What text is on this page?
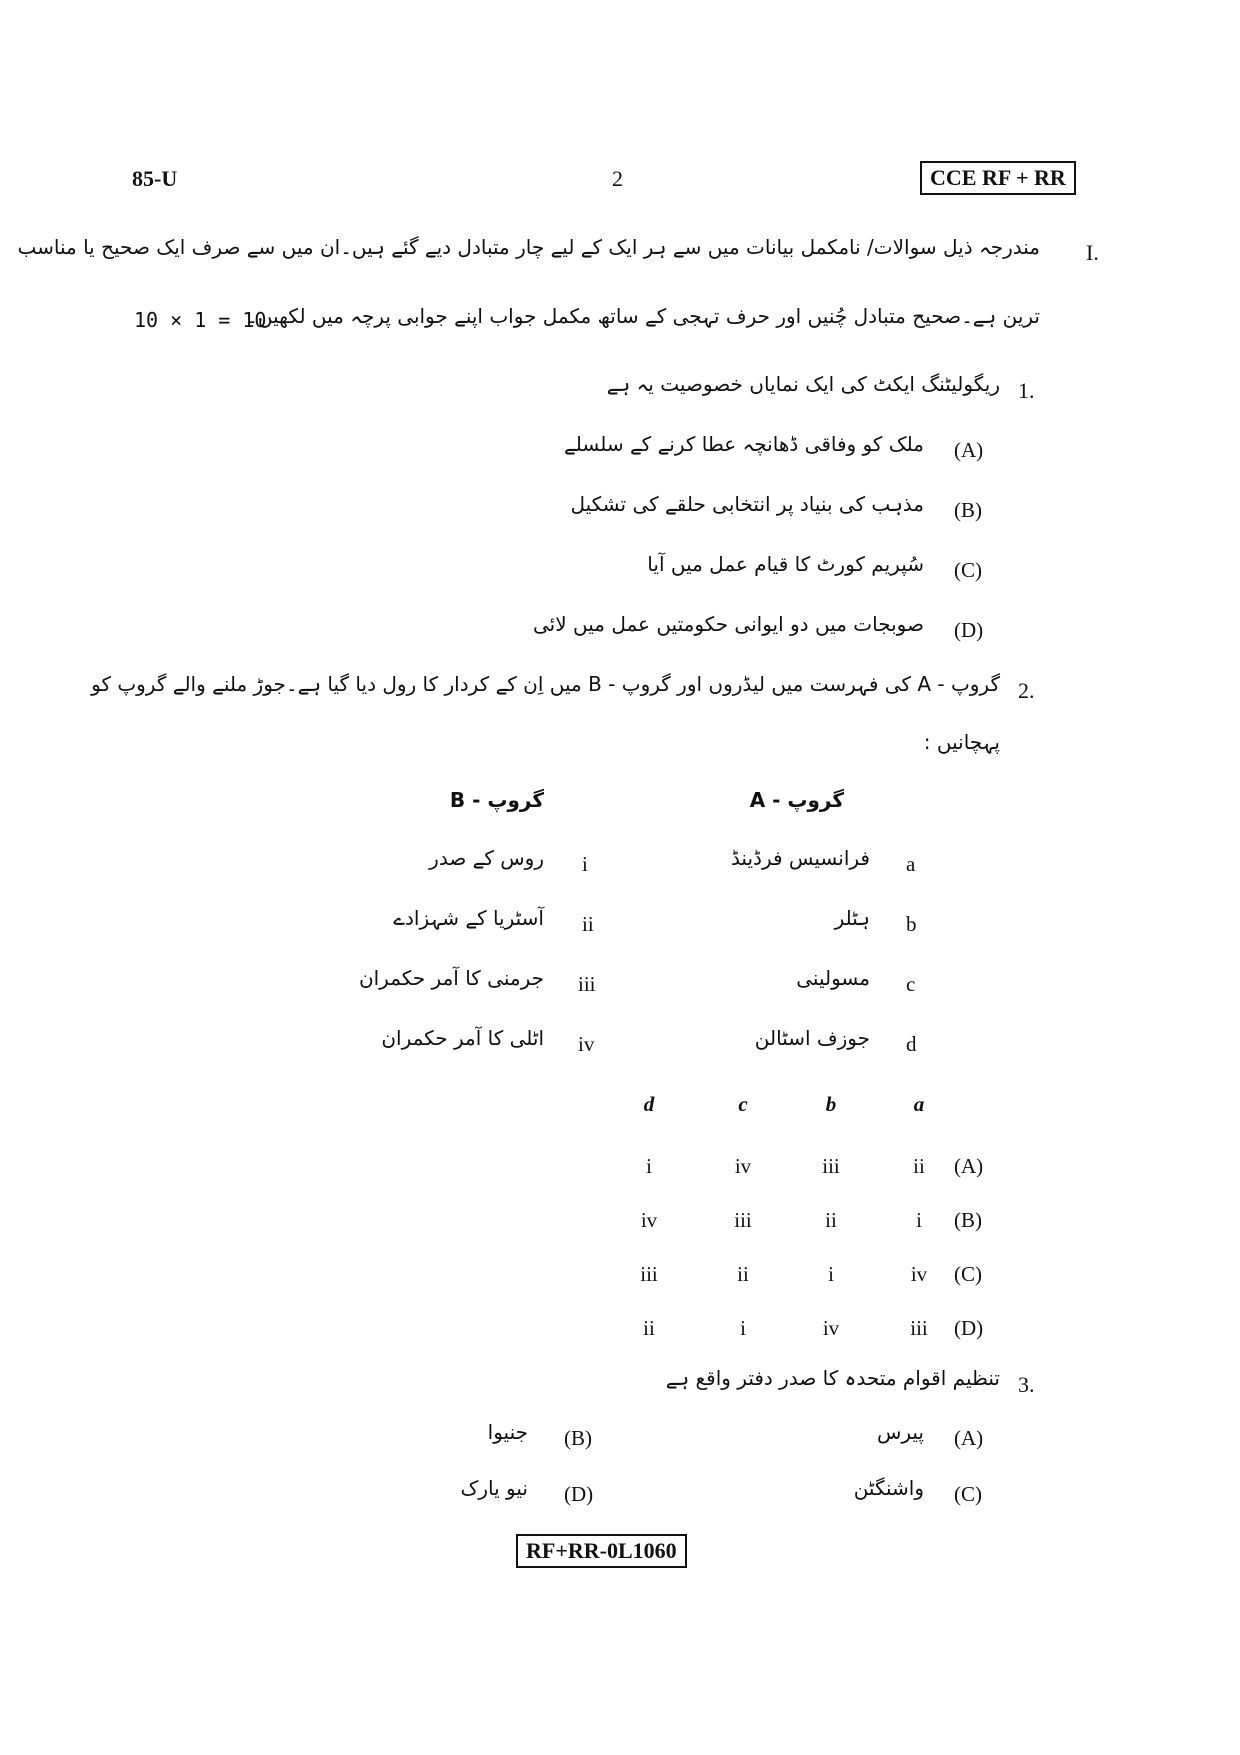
85-U	2	CCE RF + RR
I.
مندرجہ ذیل سوالات/ نامکمل بیانات میں سے ہر ایک کے لیے چار متبادل دیے گئے ہیں۔ان میں سے صرف ایک صحیح یا مناسب
ترین ہے۔صحیح متبادل چُنیں اور حرف تہجی کے ساتھ مکمل جواب اپنے جوابی پرچہ میں لکھیں۔
10 × 1 = 10
1.
ریگولیٹنگ ایکٹ کی ایک نمایاں خصوصیت یہ ہے
(A)
ملک کو وفاقی ڈھانچہ عطا کرنے کے سلسلے
(B)
مذہب کی بنیاد پر انتخابی حلقے کی تشکیل
(C)
سُپریم کورٹ کا قیام عمل میں آیا
(D)
صوبجات میں دو ایوانی حکومتیں عمل میں لائی
2.
گروپ - A کی فہرست میں لیڈروں اور گروپ - B میں اِن کے کردار کا رول دیا گیا ہے۔جوڑ ملنے والے گروپ کو
پہچانیں :
گروپ - A
گروپ - B
a
فرانسیس فرڈینڈ
b
ہٹلر
c
مسولینی
d
جوزف اسٹالن
i
روس کے صدر
ii
آسٹریا کے شہزادے
iii
جرمنی کا آمر حکمران
iv
اٹلی کا آمر حکمران
a
b
c
d
(A)
ii
iii
iv
i
(B)
i
ii
iii
iv
(C)
iv
i
ii
iii
(D)
iii
iv
i
ii
3.
تنظیم اقوام متحدہ کا صدر دفتر واقع ہے
(A)
پیرس
(B)
جنیوا
(C)
واشنگٹن
(D)
نیو یارک
RF+RR-0L1060
